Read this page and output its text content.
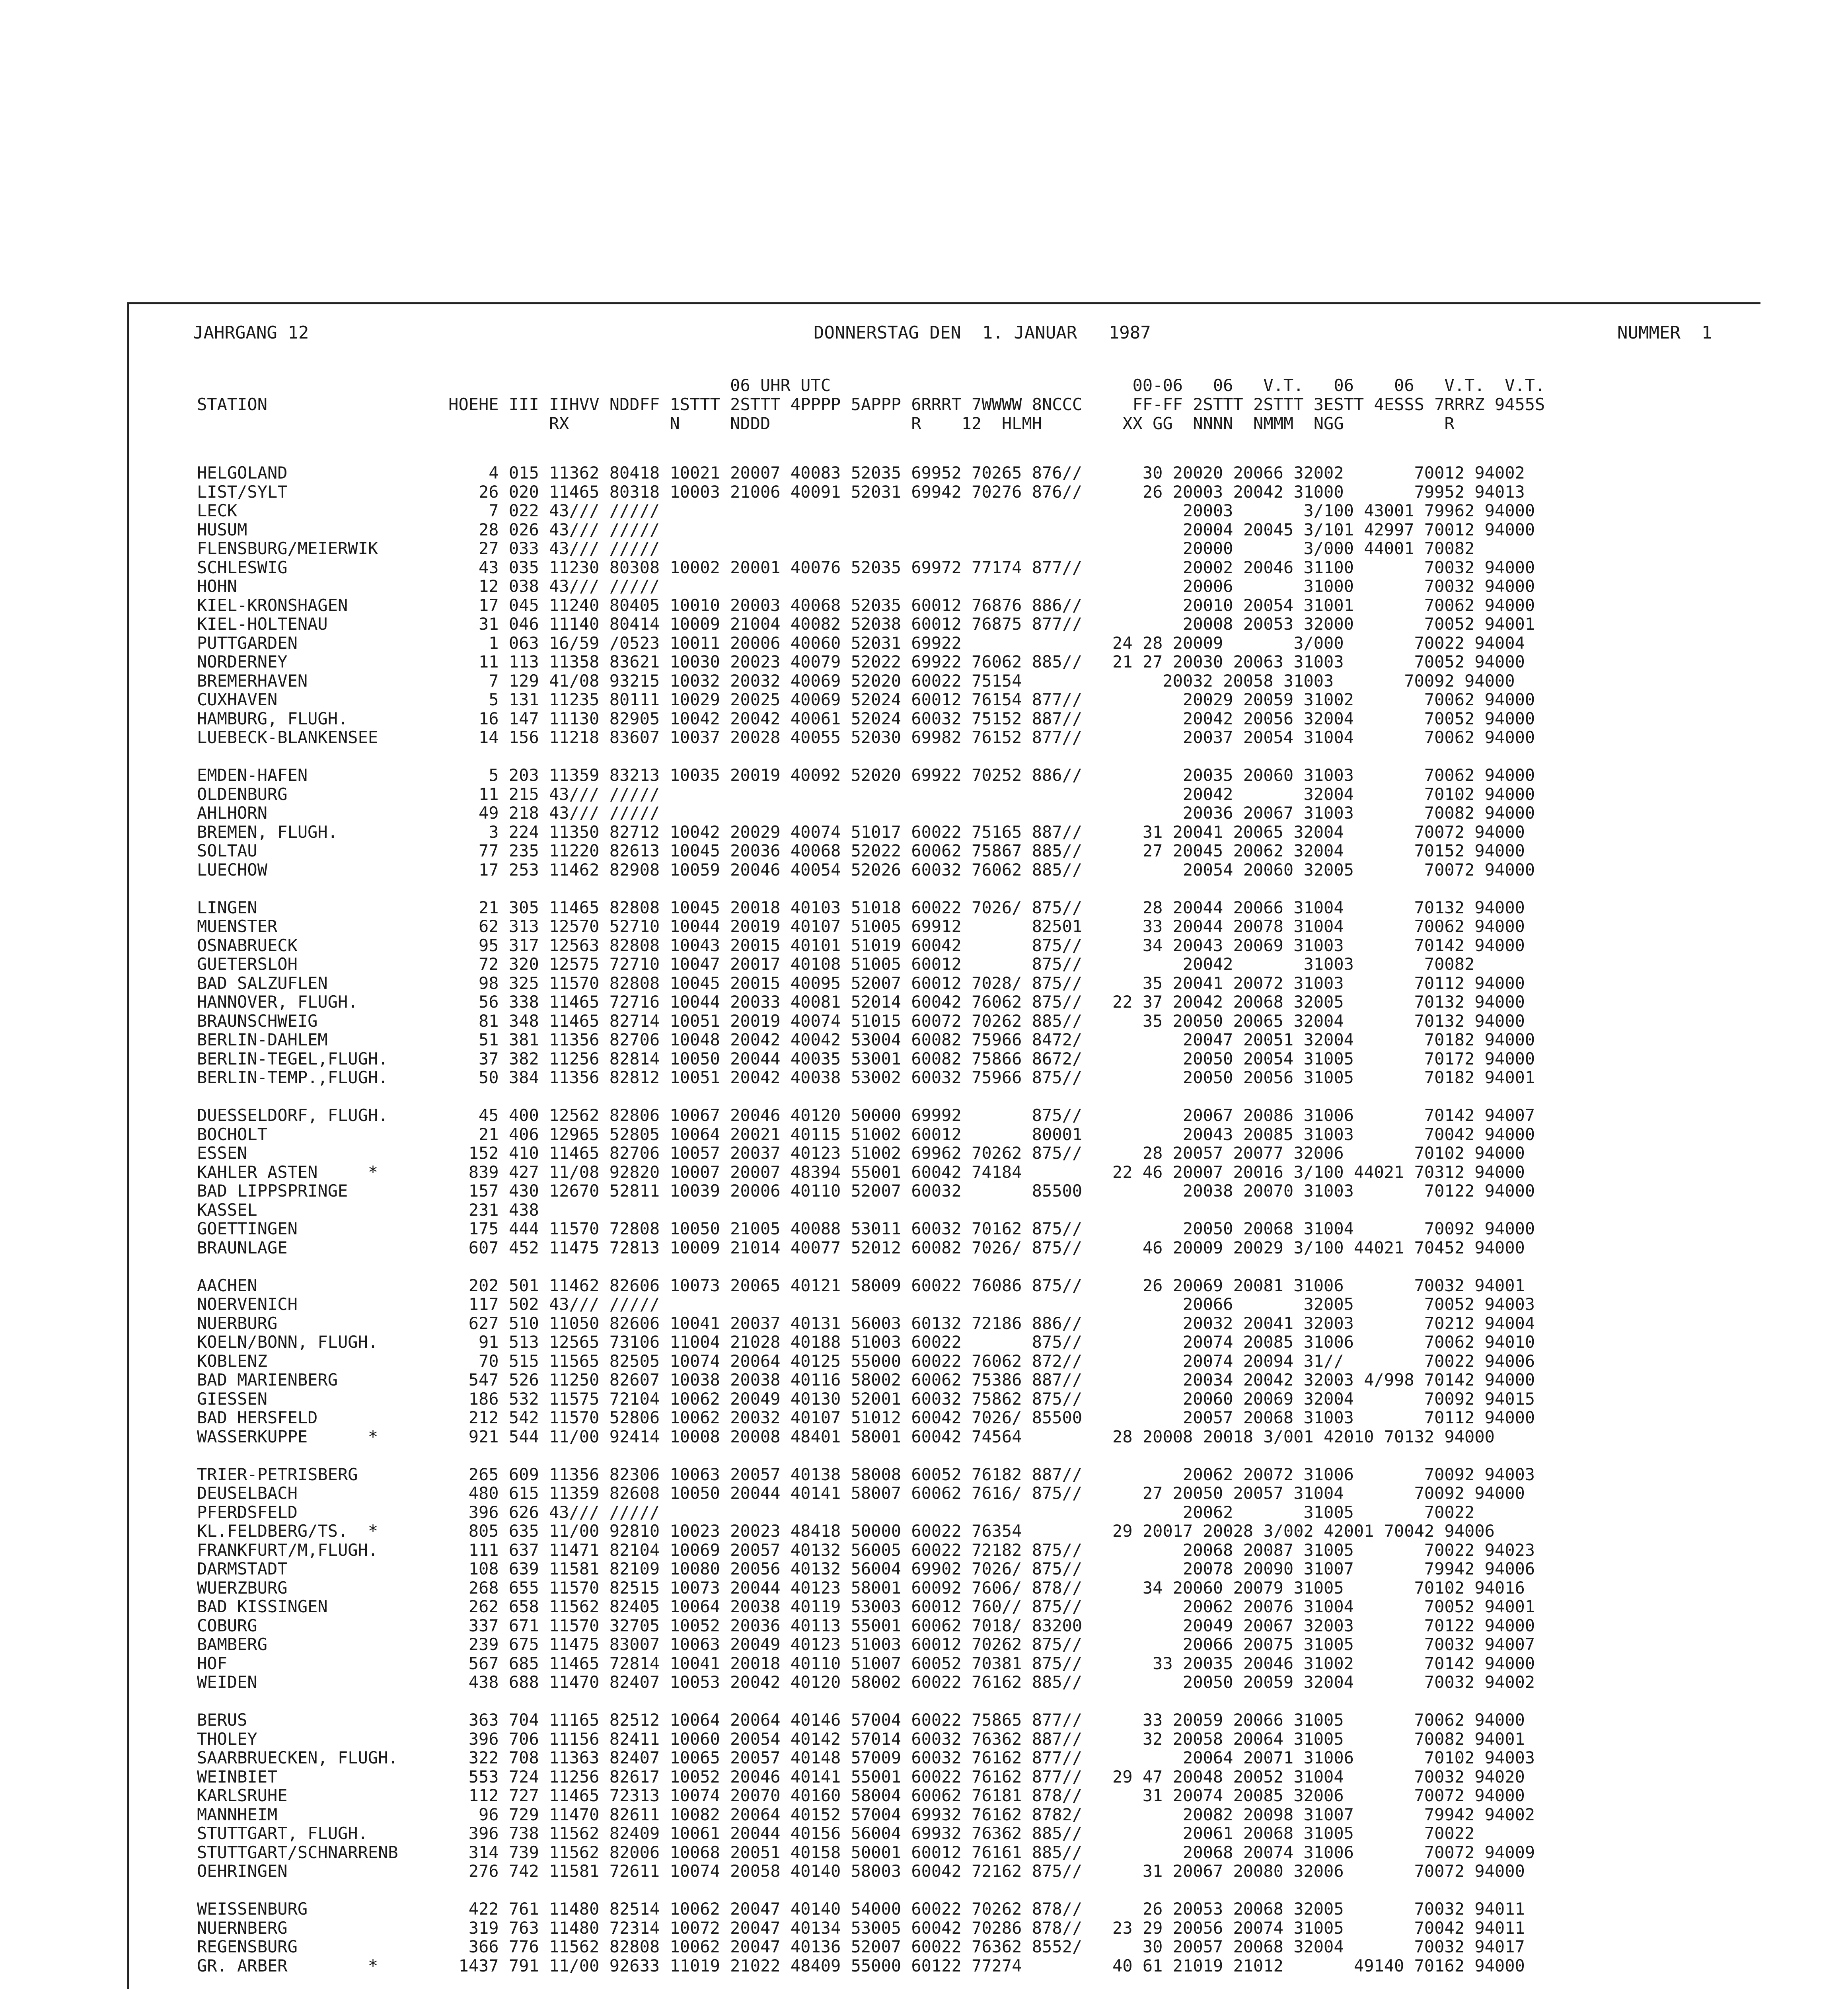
JAHRGANG 12	DONNERSTAG DEN  1. JANUAR   1987	NUMMER  1
06 UHR UTC                              00-06   06   V.T.   06    06   V.T.  V.T.
STATION                  HOEHE III IIHVV NDDFF 1STTT 2STTT 4PPPP 5APPP 6RRRT 7WWWW 8NCCC     FF-FF 2STTT 2STTT 3ESTT 4ESSS 7RRRZ 9455S
RX          N     NDDD              R    12  HLMH        XX GG  NNNN  NMMM  NGG          R
HELGOLAND                    4 015 11362 80418 10021 20007 40083 52035 69952 70265 876//      30 20020 20066 32002       70012 94002
LIST/SYLT                   26 020 11465 80318 10003 21006 40091 52031 69942 70276 876//      26 20003 20042 31000       79952 94013
LECK                         7 022 43/// /////                                                    20003       3/100 43001 79962 94000
HUSUM                       28 026 43/// /////                                                    20004 20045 3/101 42997 70012 94000
FLENSBURG/MEIERWIK          27 033 43/// /////                                                    20000       3/000 44001 70082
SCHLESWIG                   43 035 11230 80308 10002 20001 40076 52035 69972 77174 877//          20002 20046 31100       70032 94000
HOHN                        12 038 43/// /////                                                    20006       31000       70032 94000
KIEL-KRONSHAGEN             17 045 11240 80405 10010 20003 40068 52035 60012 76876 886//          20010 20054 31001       70062 94000
KIEL-HOLTENAU               31 046 11140 80414 10009 21004 40082 52038 60012 76875 877//          20008 20053 32000       70052 94001
PUTTGARDEN                   1 063 16/59 /0523 10011 20006 40060 52031 69922               24 28 20009       3/000       70022 94004
NORDERNEY                   11 113 11358 83621 10030 20023 40079 52022 69922 76062 885//   21 27 20030 20063 31003       70052 94000
BREMERHAVEN                  7 129 41/08 93215 10032 20032 40069 52020 60022 75154              20032 20058 31003       70092 94000
CUXHAVEN                     5 131 11235 80111 10029 20025 40069 52024 60012 76154 877//          20029 20059 31002       70062 94000
HAMBURG, FLUGH.             16 147 11130 82905 10042 20042 40061 52024 60032 75152 887//          20042 20056 32004       70052 94000
LUEBECK-BLANKENSEE          14 156 11218 83607 10037 20028 40055 52030 69982 76152 877//          20037 20054 31004       70062 94000
EMDEN-HAFEN                  5 203 11359 83213 10035 20019 40092 52020 69922 70252 886//          20035 20060 31003       70062 94000
OLDENBURG                   11 215 43/// /////                                                    20042       32004       70102 94000
AHLHORN                     49 218 43/// /////                                                    20036 20067 31003       70082 94000
BREMEN, FLUGH.               3 224 11350 82712 10042 20029 40074 51017 60022 75165 887//      31 20041 20065 32004       70072 94000
SOLTAU                      77 235 11220 82613 10045 20036 40068 52022 60062 75867 885//      27 20045 20062 32004       70152 94000
LUECHOW                     17 253 11462 82908 10059 20046 40054 52026 60032 76062 885//          20054 20060 32005       70072 94000
LINGEN                      21 305 11465 82808 10045 20018 40103 51018 60022 7026/ 875//      28 20044 20066 31004       70132 94000
MUENSTER                    62 313 12570 52710 10044 20019 40107 51005 69912       82501      33 20044 20078 31004       70062 94000
OSNABRUECK                  95 317 12563 82808 10043 20015 40101 51019 60042       875//      34 20043 20069 31003       70142 94000
GUETERSLOH                  72 320 12575 72710 10047 20017 40108 51005 60012       875//          20042       31003       70082
BAD SALZUFLEN               98 325 11570 82808 10045 20015 40095 52007 60012 7028/ 875//      35 20041 20072 31003       70112 94000
HANNOVER, FLUGH.            56 338 11465 72716 10044 20033 40081 52014 60042 76062 875//   22 37 20042 20068 32005       70132 94000
BRAUNSCHWEIG                81 348 11465 82714 10051 20019 40074 51015 60072 70262 885//      35 20050 20065 32004       70132 94000
BERLIN-DAHLEM               51 381 11356 82706 10048 20042 40042 53004 60082 75966 8472/          20047 20051 32004       70182 94000
BERLIN-TEGEL,FLUGH.         37 382 11256 82814 10050 20044 40035 53001 60082 75866 8672/          20050 20054 31005       70172 94000
BERLIN-TEMP.,FLUGH.         50 384 11356 82812 10051 20042 40038 53002 60032 75966 875//          20050 20056 31005       70182 94001
DUESSELDORF, FLUGH.         45 400 12562 82806 10067 20046 40120 50000 69992       875//          20067 20086 31006       70142 94007
BOCHOLT                     21 406 12965 52805 10064 20021 40115 51002 60012       80001          20043 20085 31003       70042 94000
ESSEN                      152 410 11465 82706 10057 20037 40123 51002 69962 70262 875//      28 20057 20077 32006       70102 94000
KAHLER ASTEN     *         839 427 11/08 92820 10007 20007 48394 55001 60042 74184         22 46 20007 20016 3/100 44021 70312 94000
BAD LIPPSPRINGE            157 430 12670 52811 10039 20006 40110 52007 60032       85500          20038 20070 31003       70122 94000
KASSEL                     231 438
GOETTINGEN                 175 444 11570 72808 10050 21005 40088 53011 60032 70162 875//          20050 20068 31004       70092 94000
BRAUNLAGE                  607 452 11475 72813 10009 21014 40077 52012 60082 7026/ 875//      46 20009 20029 3/100 44021 70452 94000
AACHEN                     202 501 11462 82606 10073 20065 40121 58009 60022 76086 875//      26 20069 20081 31006       70032 94001
NOERVENICH                 117 502 43/// /////                                                    20066       32005       70052 94003
NUERBURG                   627 510 11050 82606 10041 20037 40131 56003 60132 72186 886//          20032 20041 32003       70212 94004
KOELN/BONN, FLUGH.          91 513 12565 73106 11004 21028 40188 51003 60022       875//          20074 20085 31006       70062 94010
KOBLENZ                     70 515 11565 82505 10074 20064 40125 55000 60022 76062 872//          20074 20094 31//        70022 94006
BAD MARIENBERG             547 526 11250 82607 10038 20038 40116 58002 60062 75386 887//          20034 20042 32003 4/998 70142 94000
GIESSEN                    186 532 11575 72104 10062 20049 40130 52001 60032 75862 875//          20060 20069 32004       70092 94015
BAD HERSFELD               212 542 11570 52806 10062 20032 40107 51012 60042 7026/ 85500          20057 20068 31003       70112 94000
WASSERKUPPE      *         921 544 11/00 92414 10008 20008 48401 58001 60042 74564         28 20008 20018 3/001 42010 70132 94000
TRIER-PETRISBERG           265 609 11356 82306 10063 20057 40138 58008 60052 76182 887//          20062 20072 31006       70092 94003
DEUSELBACH                 480 615 11359 82608 10050 20044 40141 58007 60062 7616/ 875//      27 20050 20057 31004       70092 94000
PFERDSFELD                 396 626 43/// /////                                                    20062       31005       70022
KL.FELDBERG/TS.  *         805 635 11/00 92810 10023 20023 48418 50000 60022 76354         29 20017 20028 3/002 42001 70042 94006
FRANKFURT/M,FLUGH.         111 637 11471 82104 10069 20057 40132 56005 60022 72182 875//          20068 20087 31005       70022 94023
DARMSTADT                  108 639 11581 82109 10080 20056 40132 56004 69902 7026/ 875//          20078 20090 31007       79942 94006
WUERZBURG                  268 655 11570 82515 10073 20044 40123 58001 60092 7606/ 878//      34 20060 20079 31005       70102 94016
BAD KISSINGEN              262 658 11562 82405 10064 20038 40119 53003 60012 760// 875//          20062 20076 31004       70052 94001
COBURG                     337 671 11570 32705 10052 20036 40113 55001 60062 7018/ 83200          20049 20067 32003       70122 94000
BAMBERG                    239 675 11475 83007 10063 20049 40123 51003 60012 70262 875//          20066 20075 31005       70032 94007
HOF                        567 685 11465 72814 10041 20018 40110 51007 60052 70381 875//       33 20035 20046 31002       70142 94000
WEIDEN                     438 688 11470 82407 10053 20042 40120 58002 60022 76162 885//          20050 20059 32004       70032 94002
BERUS                      363 704 11165 82512 10064 20064 40146 57004 60022 75865 877//      33 20059 20066 31005       70062 94000
THOLEY                     396 706 11156 82411 10060 20054 40142 57014 60032 76362 887//      32 20058 20064 31005       70082 94001
SAARBRUECKEN, FLUGH.       322 708 11363 82407 10065 20057 40148 57009 60032 76162 877//          20064 20071 31006       70102 94003
WEINBIET                   553 724 11256 82617 10052 20046 40141 55001 60022 76162 877//   29 47 20048 20052 31004       70032 94020
KARLSRUHE                  112 727 11465 72313 10074 20070 40160 58004 60062 76181 878//      31 20074 20085 32006       70072 94000
MANNHEIM                    96 729 11470 82611 10082 20064 40152 57004 69932 76162 8782/          20082 20098 31007       79942 94002
STUTTGART, FLUGH.          396 738 11562 82409 10061 20044 40156 56004 69932 76362 885//          20061 20068 31005       70022
STUTTGART/SCHNARRENB       314 739 11562 82006 10068 20051 40158 50001 60012 76161 885//          20068 20074 31006       70072 94009
OEHRINGEN                  276 742 11581 72611 10074 20058 40140 58003 60042 72162 875//      31 20067 20080 32006       70072 94000
WEISSENBURG                422 761 11480 82514 10062 20047 40140 54000 60022 70262 878//      26 20053 20068 32005       70032 94011
NUERNBERG                  319 763 11480 72314 10072 20047 40134 53005 60042 70286 878//   23 29 20056 20074 31005       70042 94011
REGENSBURG                 366 776 11562 82808 10062 20047 40136 52007 60022 76362 8552/      30 20057 20068 32004       70032 94017
GR. ARBER        *        1437 791 11/00 92633 11019 21022 48409 55000 60122 77274         40 61 21019 21012       49140 70162 94000
